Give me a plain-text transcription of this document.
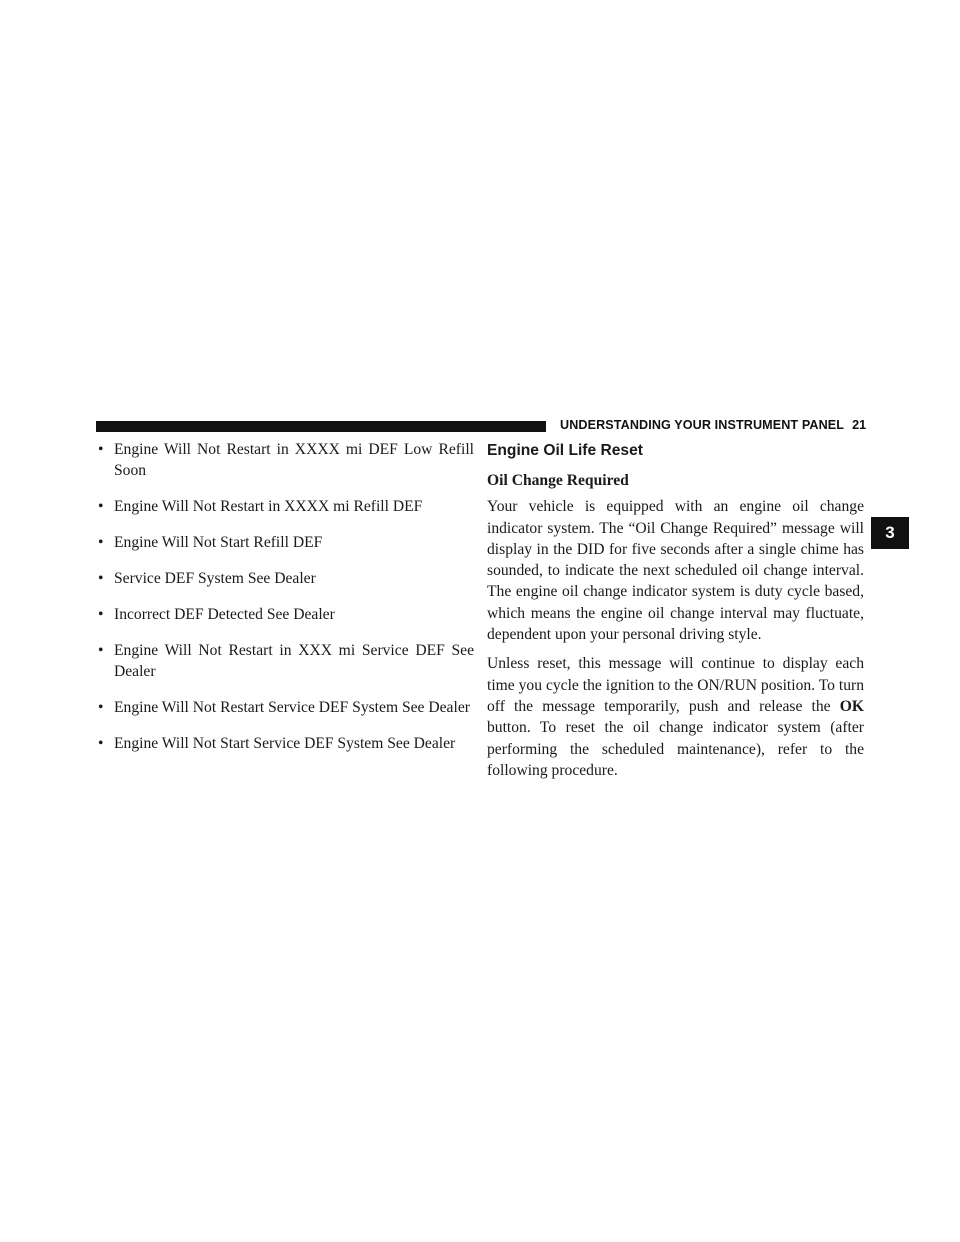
UNDERSTANDING YOUR INSTRUMENT PANEL 21
3
• Engine Will Not Restart in XXXX mi DEF Low Refill Soon
• Engine Will Not Restart in XXXX mi Refill DEF
• Engine Will Not Start Refill DEF
• Service DEF System See Dealer
• Incorrect DEF Detected See Dealer
• Engine Will Not Restart in XXX mi Service DEF See Dealer
• Engine Will Not Restart Service DEF System See Dealer
• Engine Will Not Start Service DEF System See Dealer
Engine Oil Life Reset
Oil Change Required

Your vehicle is equipped with an engine oil change indicator system. The “Oil Change Required” message will display in the DID for five seconds after a single chime has sounded, to indicate the next scheduled oil change interval. The engine oil change indicator system is duty cycle based, which means the engine oil change interval may fluctuate, dependent upon your personal driving style.

Unless reset, this message will continue to display each time you cycle the ignition to the ON/RUN position. To turn off the message temporarily, push and release the OK button. To reset the oil change indicator system (after performing the scheduled maintenance), refer to the following procedure.
